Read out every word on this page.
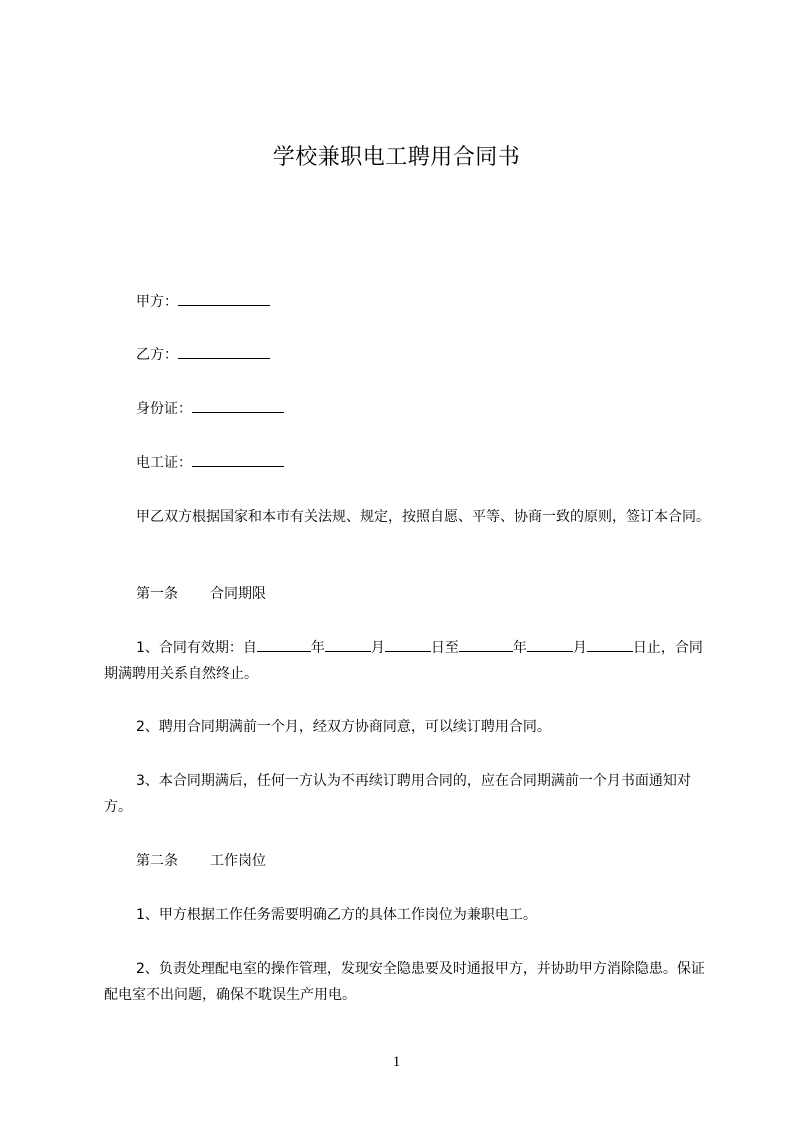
学校兼职电工聘用合同书
甲方：
乙方：
身份证：
电工证：
甲乙双方根据国家和本市有关法规、规定，按照自愿、平等、协商一致的原则，签订本合同。
第一条 合同期限
1、合同有效期：自	年	月	日至	年	月	日止，合同期满聘用关系自然终止。
2、聘用合同期满前一个月，经双方协商同意，可以续订聘用合同。
3、本合同期满后，任何一方认为不再续订聘用合同的，应在合同期满前一个月书面通知对方。
第二条 工作岗位
1、甲方根据工作任务需要明确乙方的具体工作岗位为兼职电工。
2、负责处理配电室的操作管理，发现安全隐患要及时通报甲方，并协助甲方消除隐患。保证配电室不出问题，确保不耽误生产用电。
1
